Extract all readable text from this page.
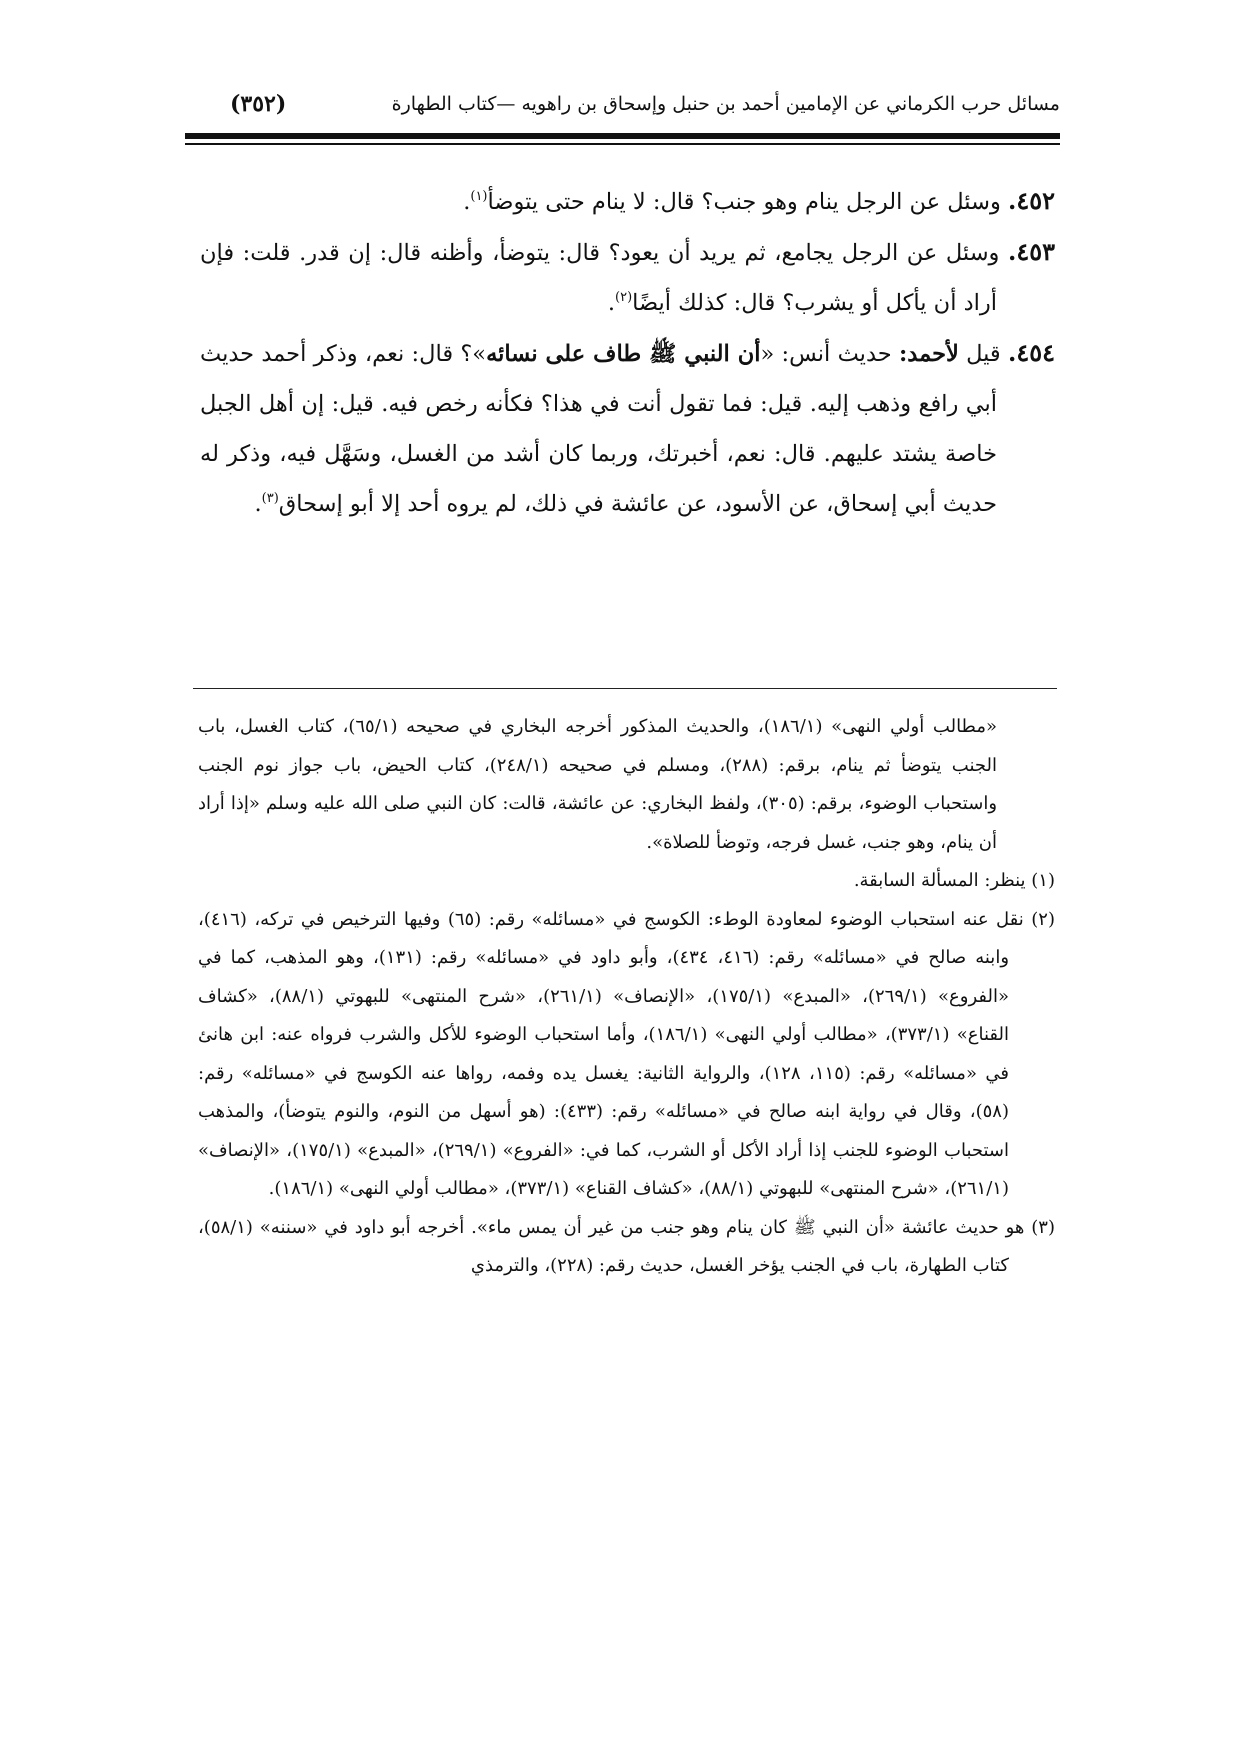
مسائل حرب الكرماني عن الإمامين أحمد بن حنبل وإسحاق بن راهويه —كتاب الطهارة
(٣٥٢)

٤٥٢. وسئل عن الرجل ينام وهو جنب؟ قال: لا ينام حتى يتوضأ$^{(١)}$.

٤٥٣. وسئل عن الرجل يجامع، ثم يريد أن يعود؟ قال: يتوضأ، وأظنه قال: إن قدر. قلت: فإن أراد أن يأكل أو يشرب؟ قال: كذلك أيضًا$^{(٢)}$.

٤٥٤. قيل لأحمد: حديث أنس: «أن النبي ﷺ طاف على نسائه»؟ قال: نعم، وذكر أحمد حديث أبي رافع وذهب إليه. قيل: فما تقول أنت في هذا؟ فكأنه رخص فيه. قيل: إن أهل الجبل خاصة يشتد عليهم. قال: نعم، أخبرتك، وربما كان أشد من الغسل، وسَهَّل فيه، وذكر له حديث أبي إسحاق، عن الأسود، عن عائشة في ذلك، لم يروه أحد إلا أبو إسحاق$^{(٣)}$.

«مطالب أولي النهى» (١٨٦/١)، والحديث المذكور أخرجه البخاري في صحيحه (٦٥/١)، كتاب الغسل، باب الجنب يتوضأ ثم ينام، برقم: (٢٨٨)، ومسلم في صحيحه (٢٤٨/١)، كتاب الحيض، باب جواز نوم الجنب واستحباب الوضوء، برقم: (٣٠٥)، ولفظ البخاري: عن عائشة، قالت: كان النبي صلى الله عليه وسلم «إذا أراد أن ينام، وهو جنب، غسل فرجه، وتوضأ للصلاة».

(١) ينظر: المسألة السابقة.

(٢) نقل عنه استحباب الوضوء لمعاودة الوطء: الكوسج في «مسائله» رقم: (٦٥) وفيها الترخيص في تركه، (٤١٦)، وابنه صالح في «مسائله» رقم: (٤١٦، ٤٣٤)، وأبو داود في «مسائله» رقم: (١٣١)، وهو المذهب، كما في «الفروع» (٢٦٩/١)، «المبدع» (١٧٥/١)، «الإنصاف» (٢٦١/١)، «شرح المنتهى» للبهوتي (٨٨/١)، «كشاف القناع» (٣٧٣/١)، «مطالب أولي النهى» (١٨٦/١)، وأما استحباب الوضوء للأكل والشرب فرواه عنه: ابن هانئ في «مسائله» رقم: (١١٥، ١٢٨)، والرواية الثانية: يغسل يده وفمه، رواها عنه الكوسج في «مسائله» رقم: (٥٨)، وقال في رواية ابنه صالح في «مسائله» رقم: (٤٣٣): (هو أسهل من النوم، والنوم يتوضأ)، والمذهب استحباب الوضوء للجنب إذا أراد الأكل أو الشرب، كما في: «الفروع» (٢٦٩/١)، «المبدع» (١٧٥/١)، «الإنصاف» (٢٦١/١)، «شرح المنتهى» للبهوتي (٨٨/١)، «كشاف القناع» (٣٧٣/١)، «مطالب أولي النهى» (١٨٦/١).

(٣) هو حديث عائشة «أن النبي ﷺ كان ينام وهو جنب من غير أن يمس ماء». أخرجه أبو داود في «سننه» (٥٨/١)، كتاب الطهارة، باب في الجنب يؤخر الغسل، حديث رقم: (٢٢٨)، والترمذي
